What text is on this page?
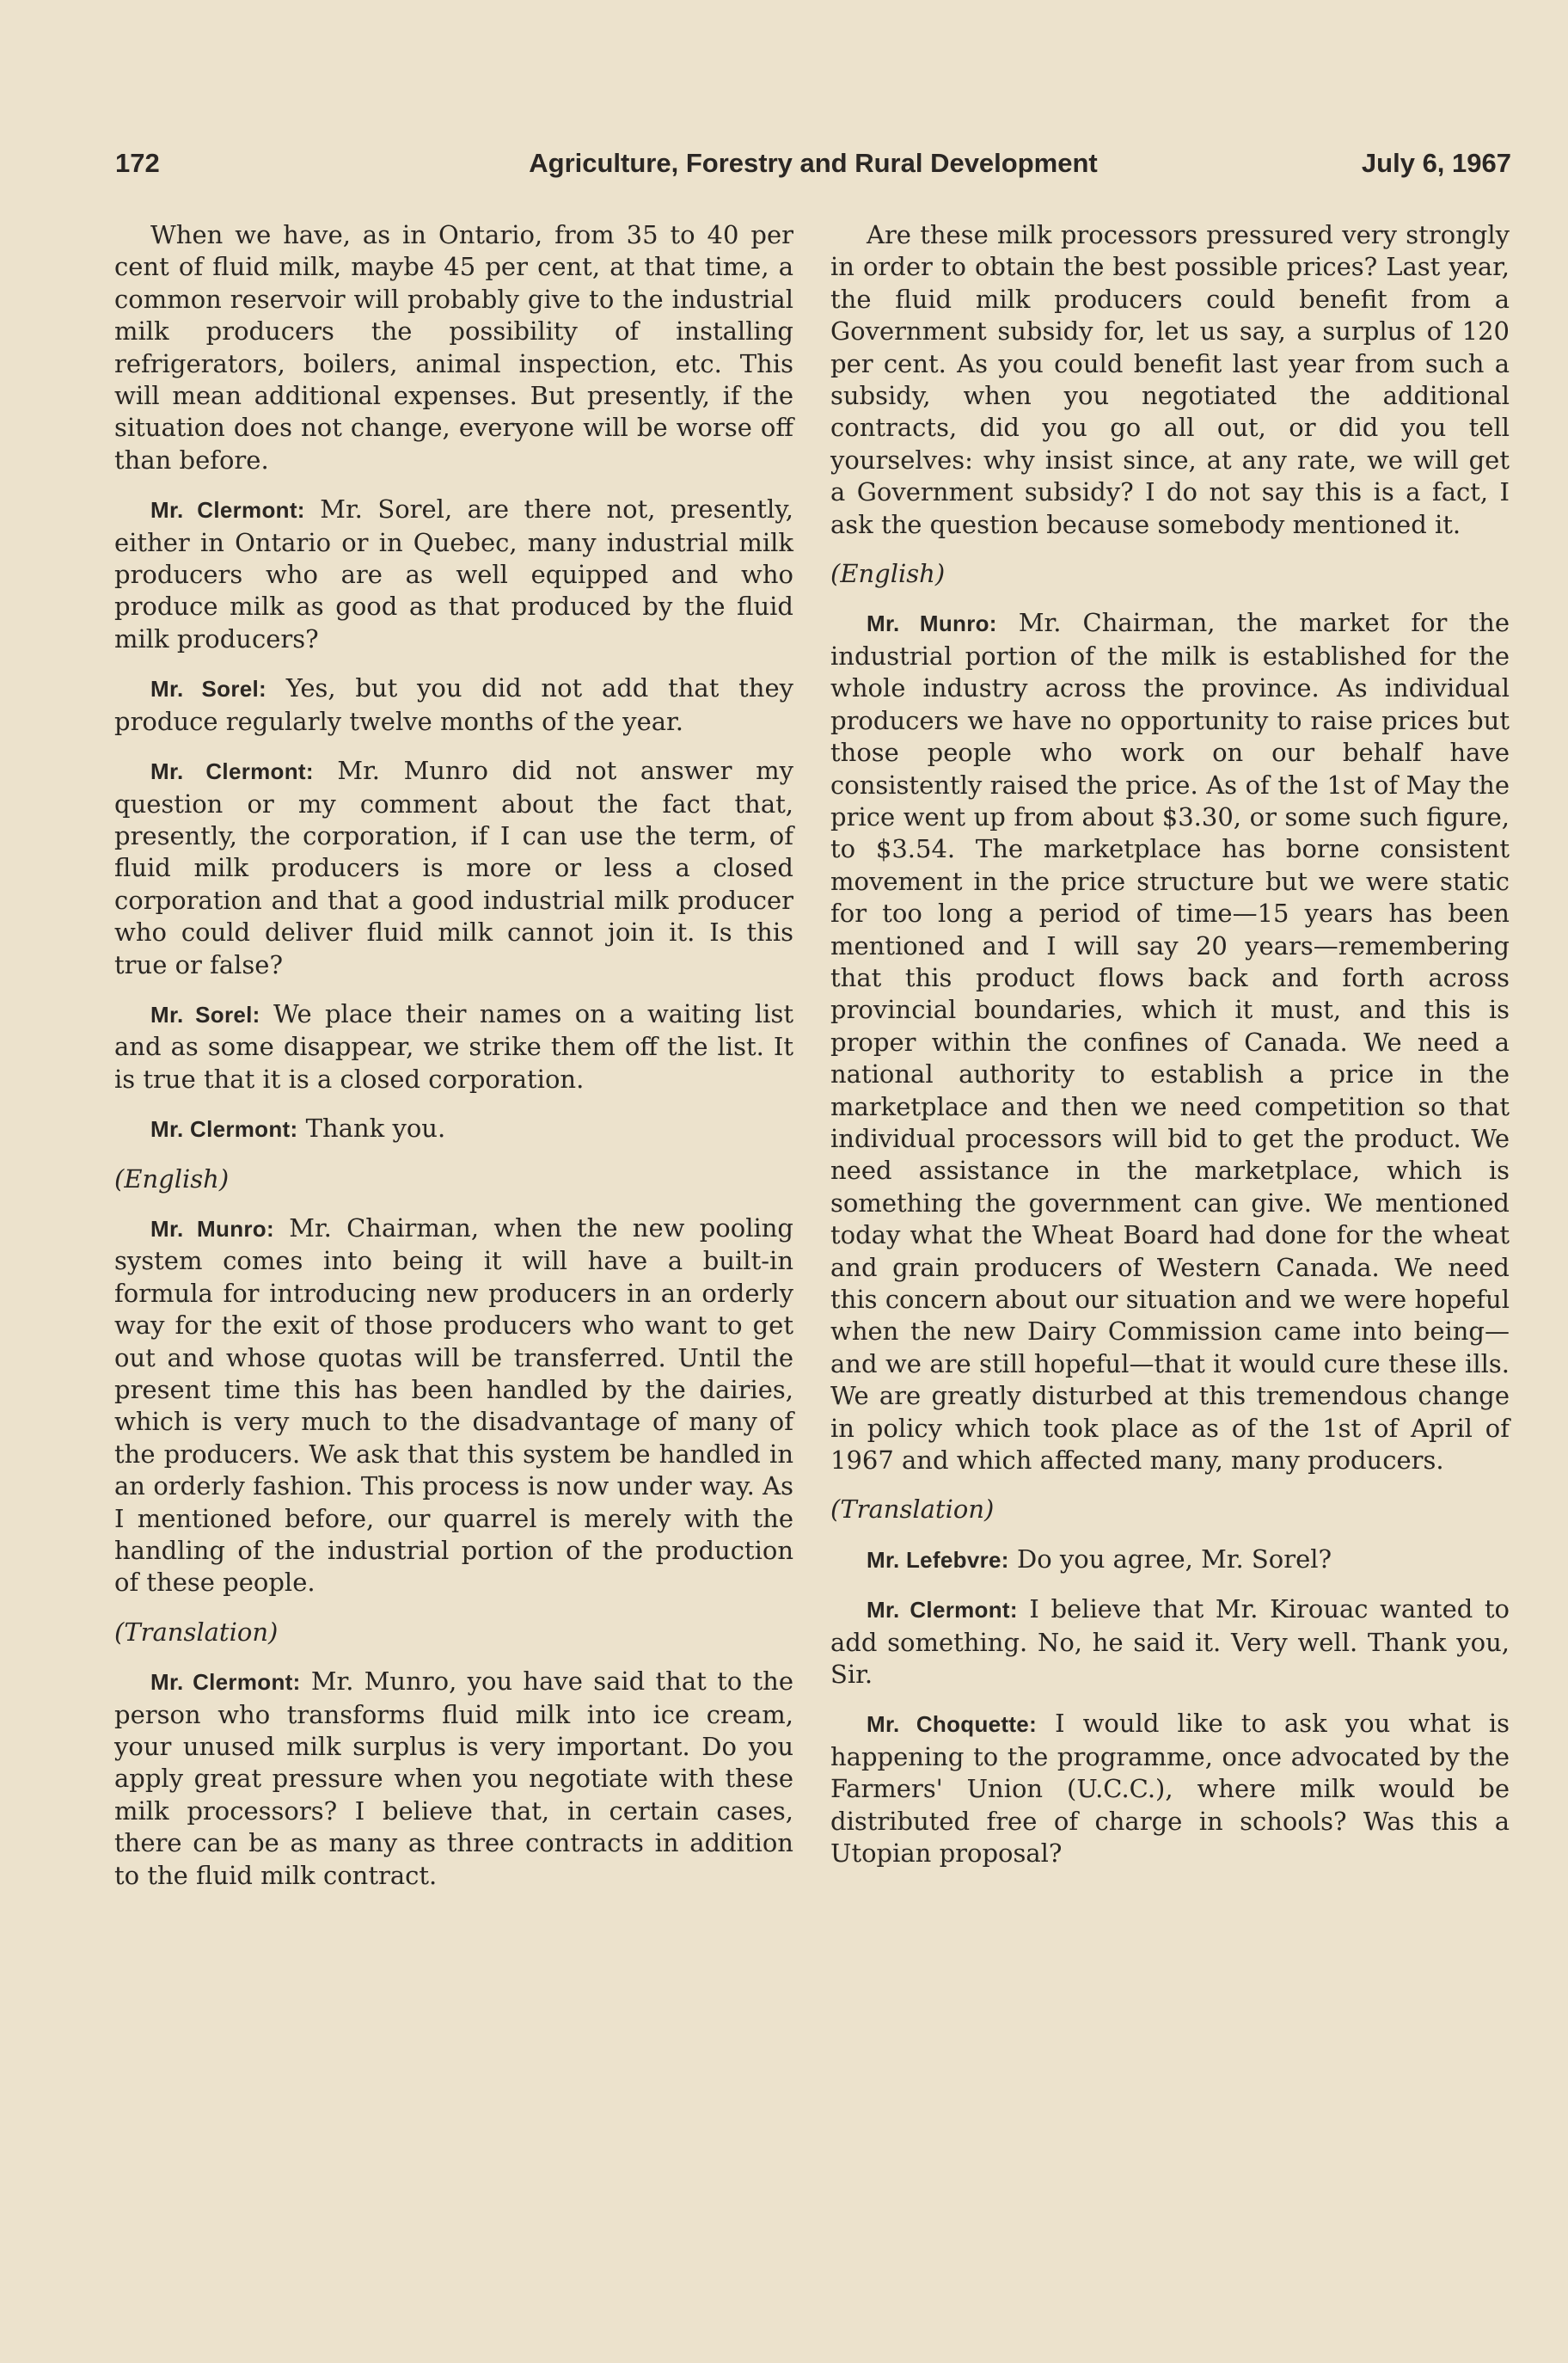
172	Agriculture, Forestry and Rural Development	July 6, 1967

When we have, as in Ontario, from 35 to 40 per cent of fluid milk, maybe 45 per cent, at that time, a common reservoir will probably give to the industrial milk producers the possibility of installing refrigerators, boilers, animal inspection, etc. This will mean additional expenses. But presently, if the situation does not change, everyone will be worse off than before.

Mr. Clermont: Mr. Sorel, are there not, presently, either in Ontario or in Quebec, many industrial milk producers who are as well equipped and who produce milk as good as that produced by the fluid milk producers?

Mr. Sorel: Yes, but you did not add that they produce regularly twelve months of the year.

Mr. Clermont: Mr. Munro did not answer my question or my comment about the fact that, presently, the corporation, if I can use the term, of fluid milk producers is more or less a closed corporation and that a good industrial milk producer who could deliver fluid milk cannot join it. Is this true or false?

Mr. Sorel: We place their names on a waiting list and as some disappear, we strike them off the list. It is true that it is a closed corporation.

Mr. Clermont: Thank you.

(English)

Mr. Munro: Mr. Chairman, when the new pooling system comes into being it will have a built-in formula for introducing new producers in an orderly way for the exit of those producers who want to get out and whose quotas will be transferred. Until the present time this has been handled by the dairies, which is very much to the disadvantage of many of the producers. We ask that this system be handled in an orderly fashion. This process is now under way. As I mentioned before, our quarrel is merely with the handling of the industrial portion of the production of these people.

(Translation)

Mr. Clermont: Mr. Munro, you have said that to the person who transforms fluid milk into ice cream, your unused milk surplus is very important. Do you apply great pressure when you negotiate with these milk processors? I believe that, in certain cases, there can be as many as three contracts in addition to the fluid milk contract.

Are these milk processors pressured very strongly in order to obtain the best possible prices? Last year, the fluid milk producers could benefit from a Government subsidy for, let us say, a surplus of 120 per cent. As you could benefit last year from such a subsidy, when you negotiated the additional contracts, did you go all out, or did you tell yourselves: why insist since, at any rate, we will get a Government subsidy? I do not say this is a fact, I ask the question because somebody mentioned it.

(English)

Mr. Munro: Mr. Chairman, the market for the industrial portion of the milk is established for the whole industry across the province. As individual producers we have no opportunity to raise prices but those people who work on our behalf have consistently raised the price. As of the 1st of May the price went up from about $3.30, or some such figure, to $3.54. The marketplace has borne consistent movement in the price structure but we were static for too long a period of time—15 years has been mentioned and I will say 20 years—remembering that this product flows back and forth across provincial boundaries, which it must, and this is proper within the confines of Canada. We need a national authority to establish a price in the marketplace and then we need competition so that individual processors will bid to get the product. We need assistance in the marketplace, which is something the government can give. We mentioned today what the Wheat Board had done for the wheat and grain producers of Western Canada. We need this concern about our situation and we were hopeful when the new Dairy Commission came into being—and we are still hopeful—that it would cure these ills. We are greatly disturbed at this tremendous change in policy which took place as of the 1st of April of 1967 and which affected many, many producers.

(Translation)

Mr. Lefebvre: Do you agree, Mr. Sorel?

Mr. Clermont: I believe that Mr. Kirouac wanted to add something. No, he said it. Very well. Thank you, Sir.

Mr. Choquette: I would like to ask you what is happening to the programme, once advocated by the Farmers' Union (U.C.C.), where milk would be distributed free of charge in schools? Was this a Utopian proposal?
